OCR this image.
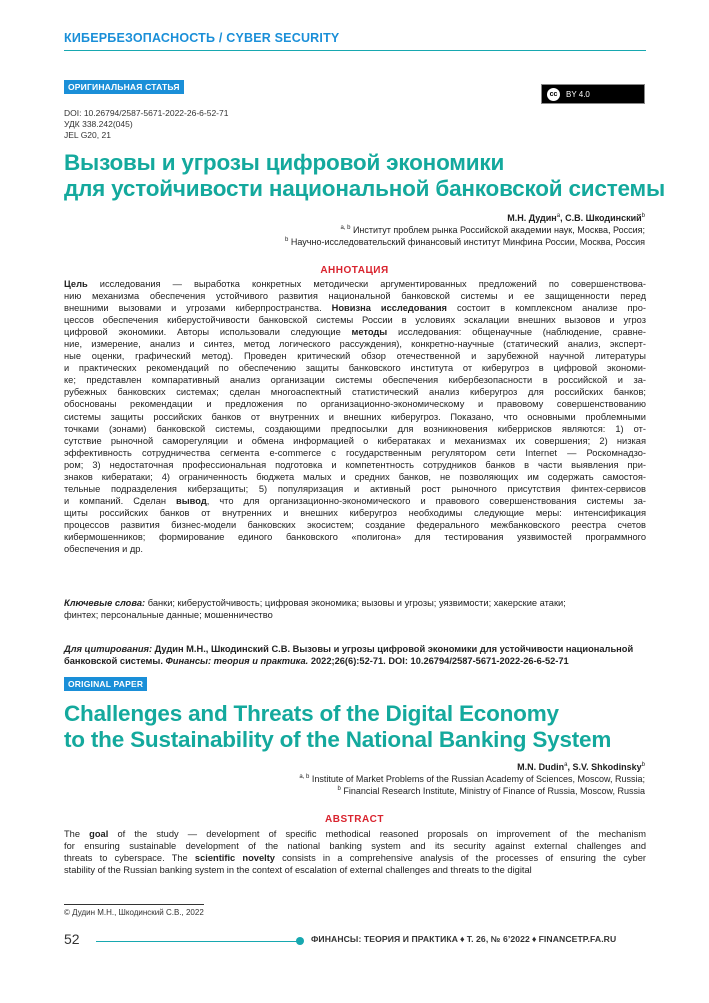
КИБЕРБЕЗОПАСНОСТЬ / CYBER SECURITY
ОРИГИНАЛЬНАЯ СТАТЬЯ
cc	BY 4.0
DOI: 10.26794/2587-5671-2022-26-6-52-71
УДК 338.242(045)
JEL G20, 21
Вызовы и угрозы цифровой экономики
для устойчивости национальной банковской системы
М.Н. Дудин$^a$, С.В. Шкодинский$^b$
$^{a, b}$ Институт проблем рынка Российской академии наук, Москва, Россия;
$^b$ Научно-исследовательский финансовый институт Минфина России, Москва, Россия
АННОТАЦИЯ
Цель исследования — выработка конкретных методически аргументированных предложений по совершенствова-
нию механизма обеспечения устойчивого развития национальной банковской системы и ее защищенности перед
внешними вызовами и угрозами киберпространства. Новизна исследования состоит в комплексном анализе про-
цессов обеспечения киберустойчивости банковской системы России в условиях эскалации внешних вызовов и угроз
цифровой экономики. Авторы использовали следующие методы исследования: общенаучные (наблюдение, сравне-
ние, измерение, анализ и синтез, метод логического рассуждения), конкретно-научные (статический анализ, эксперт-
ные оценки, графический метод). Проведен критический обзор отечественной и зарубежной научной литературы
и практических рекомендаций по обеспечению защиты банковского института от киберугроз в цифровой экономи-
ке; представлен компаративный анализ организации системы обеспечения кибербезопасности в российской и за-
рубежных банковских системах; сделан многоаспектный статистический анализ киберугроз для российских банков;
обоснованы рекомендации и предложения по организационно-экономическому и правовому совершенствованию
системы защиты российских банков от внутренних и внешних киберугроз. Показано, что основными проблемными
точками (зонами) банковской системы, создающими предпосылки для возникновения киберрисков являются: 1) от-
сутствие рыночной саморегуляции и обмена информацией о кибератаках и механизмах их совершения; 2) низкая
эффективность сотрудничества сегмента e-commerce с государственным регулятором сети Internet — Роскомнадзо-
ром; 3) недостаточная профессиональная подготовка и компетентность сотрудников банков в части выявления при-
знаков кибератаки; 4) ограниченность бюджета малых и средних банков, не позволяющих им содержать самостоя-
тельные подразделения киберзащиты; 5) популяризация и активный рост рыночного присутствия финтех-сервисов
и компаний. Сделан вывод, что для организационно-экономического и правового совершенствования системы за-
щиты российских банков от внутренних и внешних киберугроз необходимы следующие меры: интенсификация
процессов развития бизнес-модели банковских экосистем; создание федерального межбанковского реестра счетов
кибермошенников; формирование единого банковского «полигона» для тестирования уязвимостей программного
обеспечения и др.
Ключевые слова: банки; киберустойчивость; цифровая экономика; вызовы и угрозы; уязвимости; хакерские атаки;
финтех; персональные данные; мошенничество
Для цитирования: Дудин М.Н., Шкодинский С.В. Вызовы и угрозы цифровой экономики для устойчивости национальной
банковской системы. Финансы: теория и практика. 2022;26(6):52-71. DOI: 10.26794/2587-5671-2022-26-6-52-71
ORIGINAL PAPER
Challenges and Threats of the Digital Economy
to the Sustainability of the National Banking System
M.N. Dudin$^a$, S.V. Shkodinsky$^b$
$^{a, b}$ Institute of Market Problems of the Russian Academy of Sciences, Moscow, Russia;
$^b$ Financial Research Institute, Ministry of Finance of Russia, Moscow, Russia
ABSTRACT
The goal of the study — development of specific methodical reasoned proposals on improvement of the mechanism
for ensuring sustainable development of the national banking system and its security against external challenges and
threats to cyberspace. The scientific novelty consists in a comprehensive analysis of the processes of ensuring the cyber
stability of the Russian banking system in the context of escalation of external challenges and threats to the digital
© Дудин М.Н., Шкодинский С.В., 2022
52	ФИНАНСЫ: ТЕОРИЯ И ПРАКТИКА ♦ Т. 26, № 6’2022 ♦ FINANCETP.FA.RU
